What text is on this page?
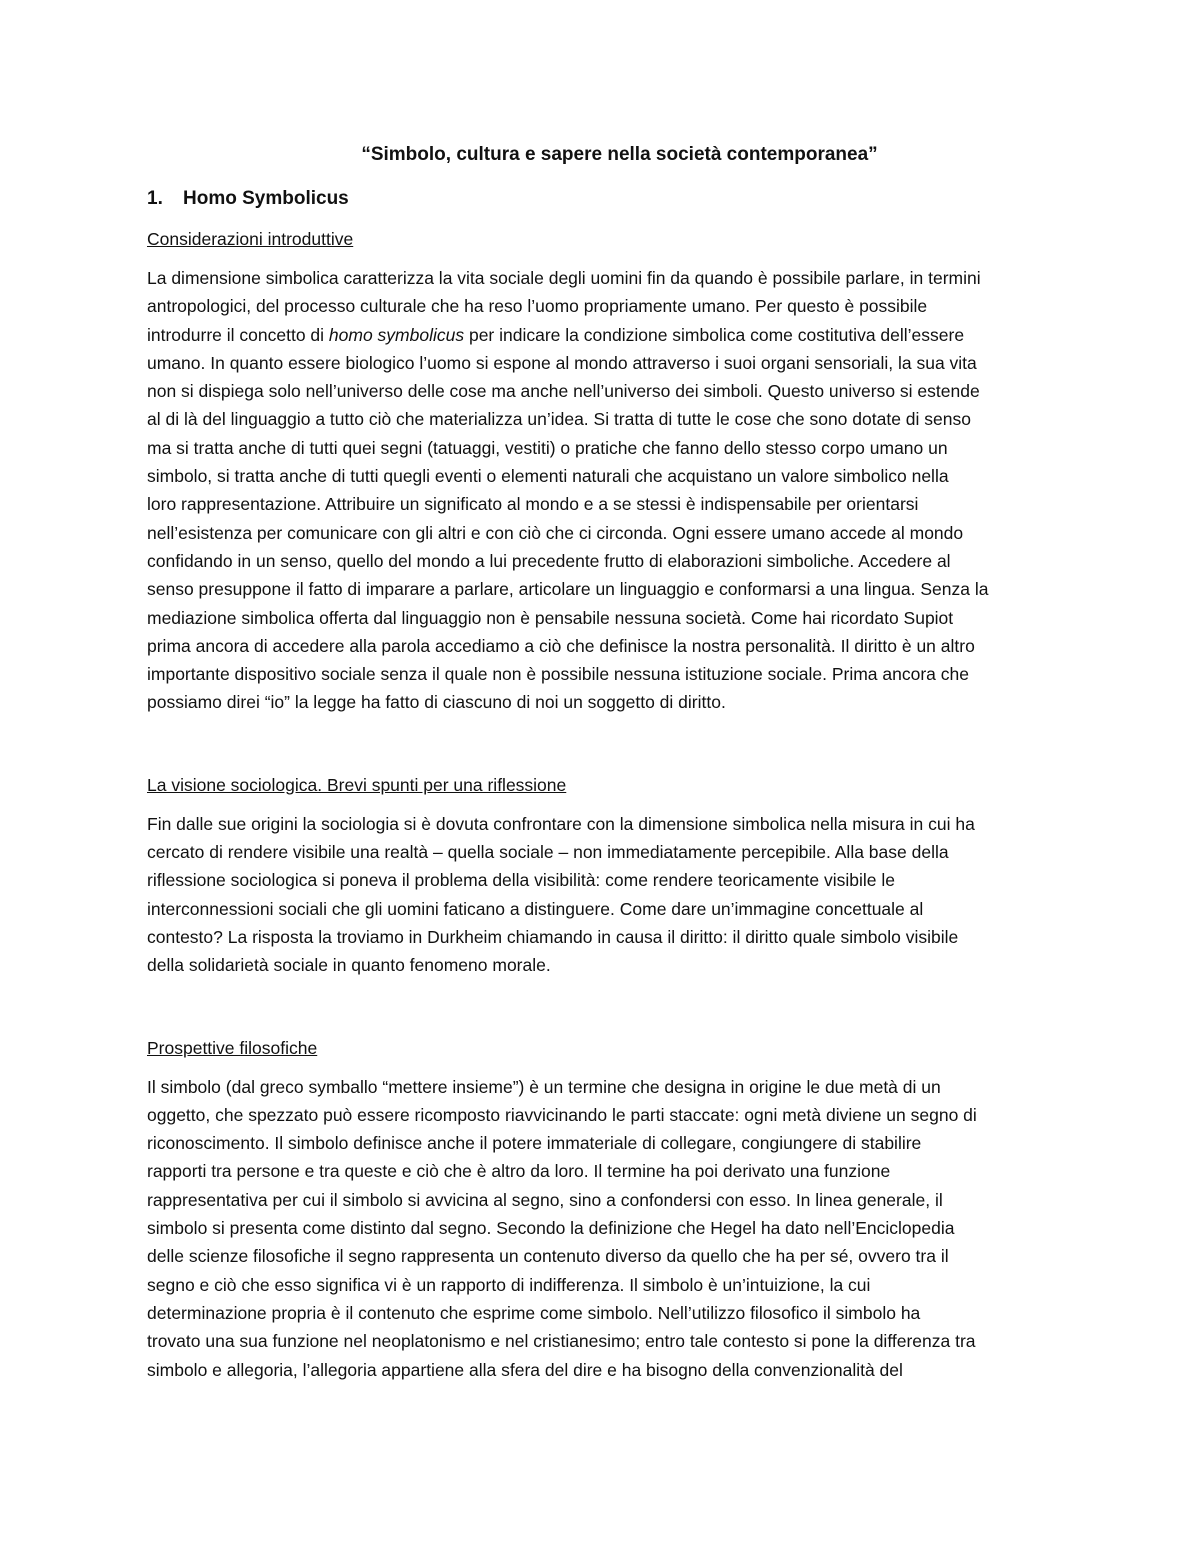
“Simbolo, cultura e sapere nella società contemporanea”
1.	Homo Symbolicus
Considerazioni introduttive
La dimensione simbolica caratterizza la vita sociale degli uomini fin da quando è possibile parlare, in termini
antropologici, del processo culturale che ha reso l’uomo propriamente umano. Per questo è possibile
introdurre il concetto di homo symbolicus per indicare la condizione simbolica come costitutiva dell’essere
umano. In quanto essere biologico l’uomo si espone al mondo attraverso i suoi organi sensoriali, la sua vita
non si dispiega solo nell’universo delle cose ma anche nell’universo dei simboli. Questo universo si estende
al di là del linguaggio a tutto ciò che materializza un’idea. Si tratta di tutte le cose che sono dotate di senso
ma si tratta anche di tutti quei segni (tatuaggi, vestiti) o pratiche che fanno dello stesso corpo umano un
simbolo, si tratta anche di tutti quegli eventi o elementi naturali che acquistano un valore simbolico nella
loro rappresentazione. Attribuire un significato al mondo e a se stessi è indispensabile per orientarsi
nell’esistenza per comunicare con gli altri e con ciò che ci circonda. Ogni essere umano accede al mondo
confidando in un senso, quello del mondo a lui precedente frutto di elaborazioni simboliche. Accedere al
senso presuppone il fatto di imparare a parlare, articolare un linguaggio e conformarsi a una lingua. Senza la
mediazione simbolica offerta dal linguaggio non è pensabile nessuna società. Come hai ricordato Supiot
prima ancora di accedere alla parola accediamo a ciò che definisce la nostra personalità. Il diritto è un altro
importante dispositivo sociale senza il quale non è possibile nessuna istituzione sociale. Prima ancora che
possiamo direi “io” la legge ha fatto di ciascuno di noi un soggetto di diritto.
La visione sociologica. Brevi spunti per una riflessione
Fin dalle sue origini la sociologia si è dovuta confrontare con la dimensione simbolica nella misura in cui ha
cercato di rendere visibile una realtà – quella sociale – non immediatamente percepibile. Alla base della
riflessione sociologica si poneva il problema della visibilità: come rendere teoricamente visibile le
interconnessioni sociali che gli uomini faticano a distinguere. Come dare un’immagine concettuale al
contesto? La risposta la troviamo in Durkheim chiamando in causa il diritto: il diritto quale simbolo visibile
della solidarietà sociale in quanto fenomeno morale.
Prospettive filosofiche
Il simbolo (dal greco symballo “mettere insieme”) è un termine che designa in origine le due metà di un
oggetto, che spezzato può essere ricomposto riavvicinando le parti staccate: ogni metà diviene un segno di
riconoscimento. Il simbolo definisce anche il potere immateriale di collegare, congiungere di stabilire
rapporti tra persone e tra queste e ciò che è altro da loro. Il termine ha poi derivato una funzione
rappresentativa per cui il simbolo si avvicina al segno, sino a confondersi con esso. In linea generale, il
simbolo si presenta come distinto dal segno. Secondo la definizione che Hegel ha dato nell’Enciclopedia
delle scienze filosofiche il segno rappresenta un contenuto diverso da quello che ha per sé, ovvero tra il
segno e ciò che esso significa vi è un rapporto di indifferenza. Il simbolo è un’intuizione, la cui
determinazione propria è il contenuto che esprime come simbolo. Nell’utilizzo filosofico il simbolo ha
trovato una sua funzione nel neoplatonismo e nel cristianesimo; entro tale contesto si pone la differenza tra
simbolo e allegoria, l’allegoria appartiene alla sfera del dire e ha bisogno della convenzionalità del
